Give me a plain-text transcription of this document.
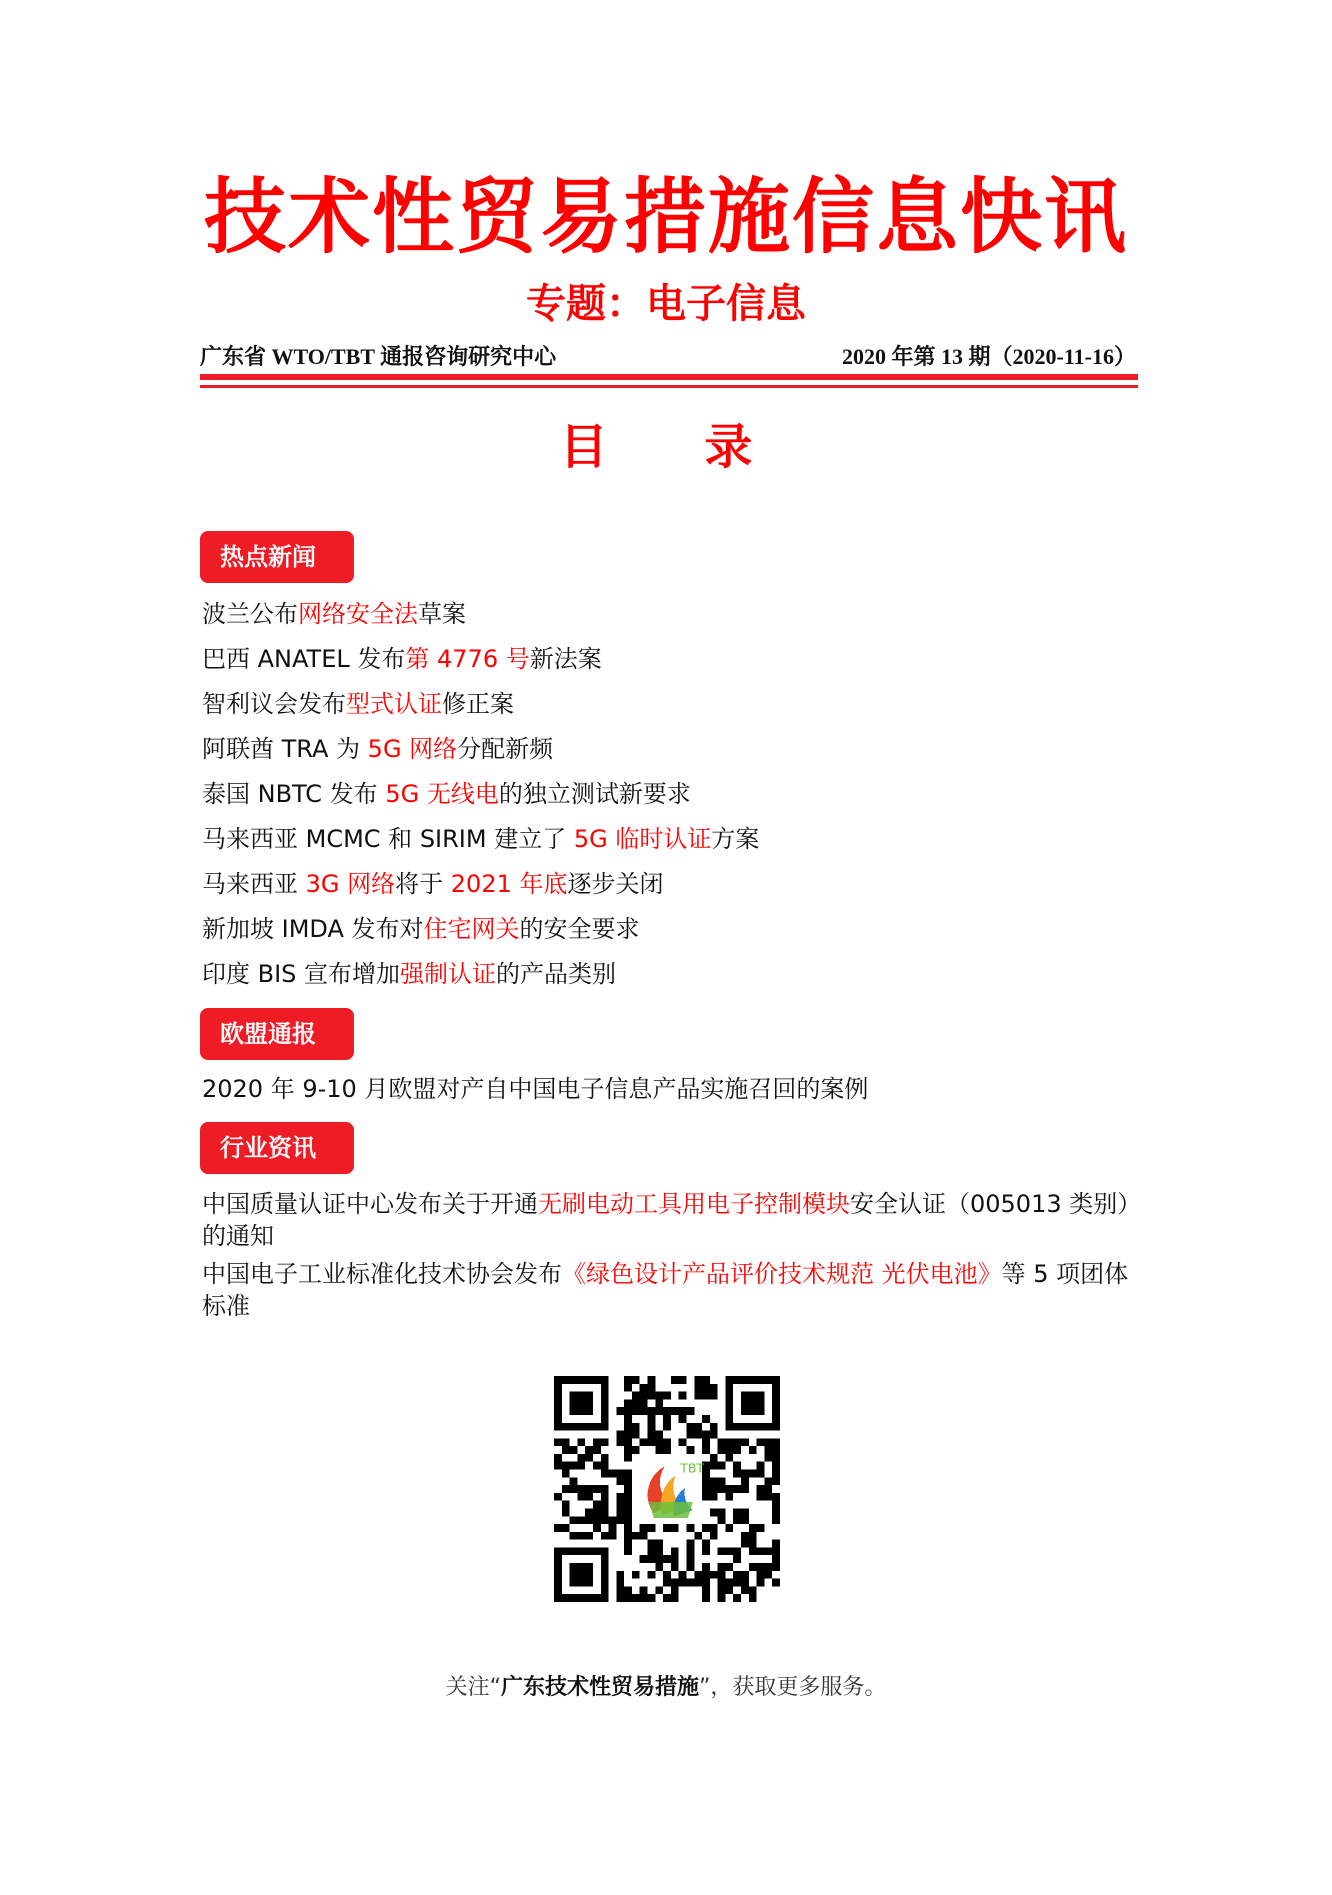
技术性贸易措施信息快讯
专题：电子信息
广东省 WTO/TBT 通报咨询研究中心	2020 年第 13 期（2020-11-16）
目 录
热点新闻
波兰公布网络安全法草案
巴西 ANATEL 发布第 4776 号新法案
智利议会发布型式认证修正案
阿联酋 TRA 为 5G 网络分配新频
泰国 NBTC 发布 5G 无线电的独立测试新要求
马来西亚 MCMC 和 SIRIM 建立了 5G 临时认证方案
马来西亚 3G 网络将于 2021 年底逐步关闭
新加坡 IMDA 发布对住宅网关的安全要求
印度 BIS 宣布增加强制认证的产品类别
欧盟通报
2020 年 9-10 月欧盟对产自中国电子信息产品实施召回的案例
行业资讯
中国质量认证中心发布关于开通无刷电动工具用电子控制模块安全认证（005013 类别）的通知
中国电子工业标准化技术协会发布《绿色设计产品评价技术规范 光伏电池》等 5 项团体标准
TBT
关注“广东技术性贸易措施”，获取更多服务。
